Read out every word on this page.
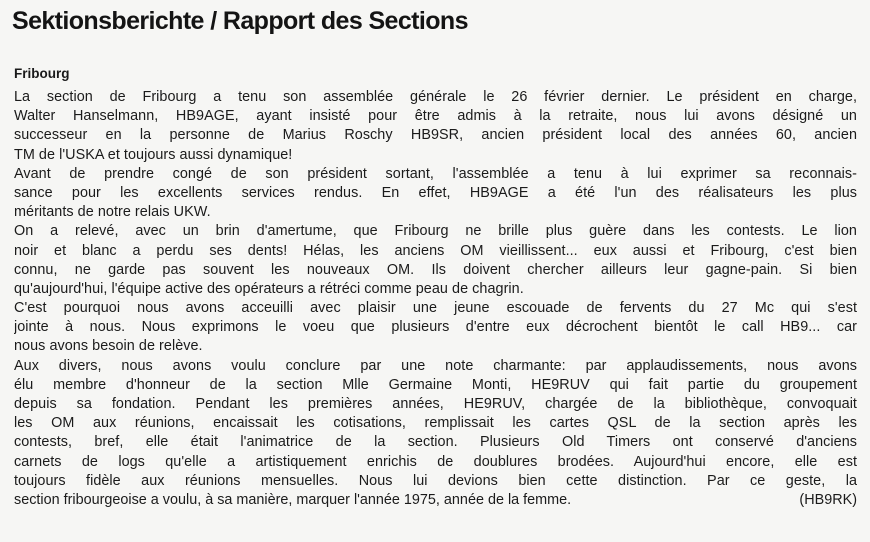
Sektionsberichte / Rapport des Sections
Fribourg
La section de Fribourg a tenu son assemblée générale le 26 février dernier. Le président en charge,
Walter Hanselmann, HB9AGE, ayant insisté pour être admis à la retraite, nous lui avons désigné un
successeur en la personne de Marius Roschy HB9SR, ancien président local des années 60, ancien
TM de l'USKA et toujours aussi dynamique!
Avant de prendre congé de son président sortant, l'assemblée a tenu à lui exprimer sa reconnais-
sance pour les excellents services rendus. En effet, HB9AGE a été l'un des réalisateurs les plus
méritants de notre relais UKW.
On a relevé, avec un brin d'amertume, que Fribourg ne brille plus guère dans les contests. Le lion
noir et blanc a perdu ses dents! Hélas, les anciens OM vieillissent... eux aussi et Fribourg, c'est bien
connu, ne garde pas souvent les nouveaux OM. Ils doivent chercher ailleurs leur gagne-pain. Si bien
qu'aujourd'hui, l'équipe active des opérateurs a rétréci comme peau de chagrin.
C'est pourquoi nous avons acceuilli avec plaisir une jeune escouade de fervents du 27 Mc qui s'est
jointe à nous. Nous exprimons le voeu que plusieurs d'entre eux décrochent bientôt le call HB9... car
nous avons besoin de relève.
Aux divers, nous avons voulu conclure par une note charmante: par applaudissements, nous avons
élu membre d'honneur de la section Mlle Germaine Monti, HE9RUV qui fait partie du groupement
depuis sa fondation. Pendant les premières années, HE9RUV, chargée de la bibliothèque, convoquait
les OM aux réunions, encaissait les cotisations, remplissait les cartes QSL de la section après les
contests, bref, elle était l'animatrice de la section. Plusieurs Old Timers ont conservé d'anciens
carnets de logs qu'elle a artistiquement enrichis de doublures brodées. Aujourd'hui encore, elle est
toujours fidèle aux réunions mensuelles. Nous lui devions bien cette distinction. Par ce geste, la
section fribourgeoise a voulu, à sa manière, marquer l'année 1975, année de la femme.	(HB9RK)
